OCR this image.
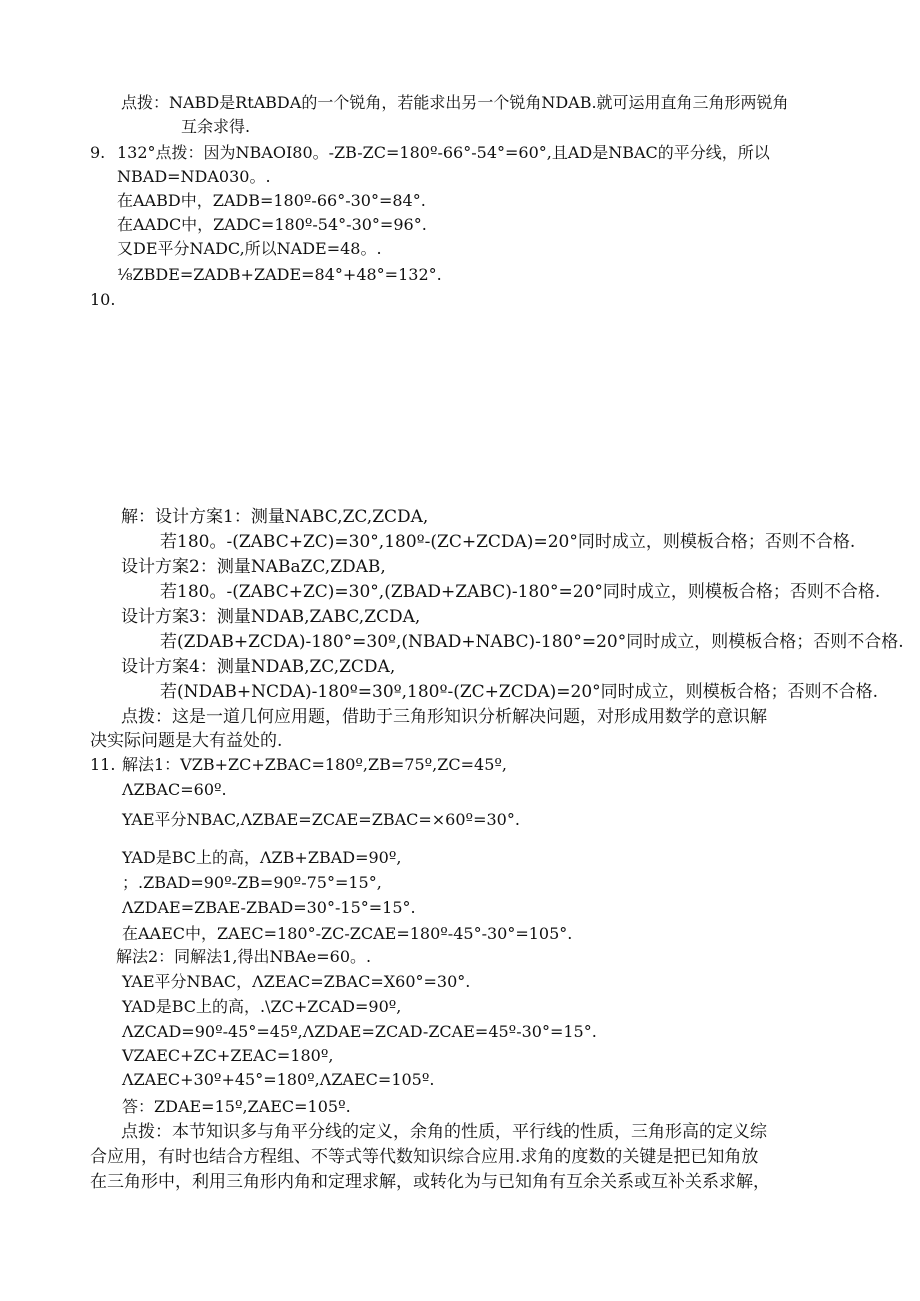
点拨：NABD是RtABDA的一个锐角，若能求出另一个锐角NDAB.就可运用直角三角形两锐角
互余求得.
9. 132°点拨：因为NBAOI80。-ZB-ZC=180º-66°-54°=60°,且AD是NBAC的平分线，所以
NBAD=NDA030。.
在AABD中，ZADB=180º-66°-30°=84°.
在AADC中，ZADC=180º-54°-30°=96°.
又DE平分NADC,所以NADE=48。.
⅛ZBDE=ZADB+ZADE=84°+48°=132°.
10.
解：设计方案1：测量NABC,ZC,ZCDA,
若180。-(ZABC+ZC)=30°,180º-(ZC+ZCDA)=20°同时成立，则模板合格；否则不合格.
设计方案2：测量NABaZC,ZDAB,
若180。-(ZABC+ZC)=30°,(ZBAD+ZABC)-180°=20°同时成立，则模板合格；否则不合格.
设计方案3：测量NDAB,ZABC,ZCDA,
若(ZDAB+ZCDA)-180°=30º,(NBAD+NABC)-180°=20°同时成立，则模板合格；否则不合格.
设计方案4：测量NDAB,ZC,ZCDA,
若(NDAB+NCDA)-180º=30º,180º-(ZC+ZCDA)=20°同时成立，则模板合格；否则不合格.
点拨：这是一道几何应用题，借助于三角形知识分析解决问题，对形成用数学的意识解
决实际问题是大有益处的.
11. 解法1：VZB+ZC+ZBAC=180º,ZB=75º,ZC=45º,
ΛZBAC=60º.
YAE平分NBAC,ΛZBAE=ZCAE=ZBAC=×60º=30°.
YAD是BC上的高，ΛZB+ZBAD=90º,
；.ZBAD=90º-ZB=90º-75°=15°,
ΛZDAE=ZBAE-ZBAD=30°-15°=15°.
在AAEC中，ZAEC=180°-ZC-ZCAE=180º-45°-30°=105°.
解法2：同解法1,得出NBAe=60。.
YAE平分NBAC，ΛZEAC=ZBAC=X60°=30°.
YAD是BC上的高，.\ZC+ZCAD=90º,
ΛZCAD=90º-45°=45º,ΛZDAE=ZCAD-ZCAE=45º-30°=15°.
VZAEC+ZC+ZEAC=180º,
ΛZAEC+30º+45°=180º,ΛZAEC=105º.
答：ZDAE=15º,ZAEC=105º.
点拨：本节知识多与角平分线的定义，余角的性质，平行线的性质，三角形高的定义综
合应用，有时也结合方程组、不等式等代数知识综合应用.求角的度数的关键是把已知角放
在三角形中，利用三角形内角和定理求解，或转化为与已知角有互余关系或互补关系求解，
